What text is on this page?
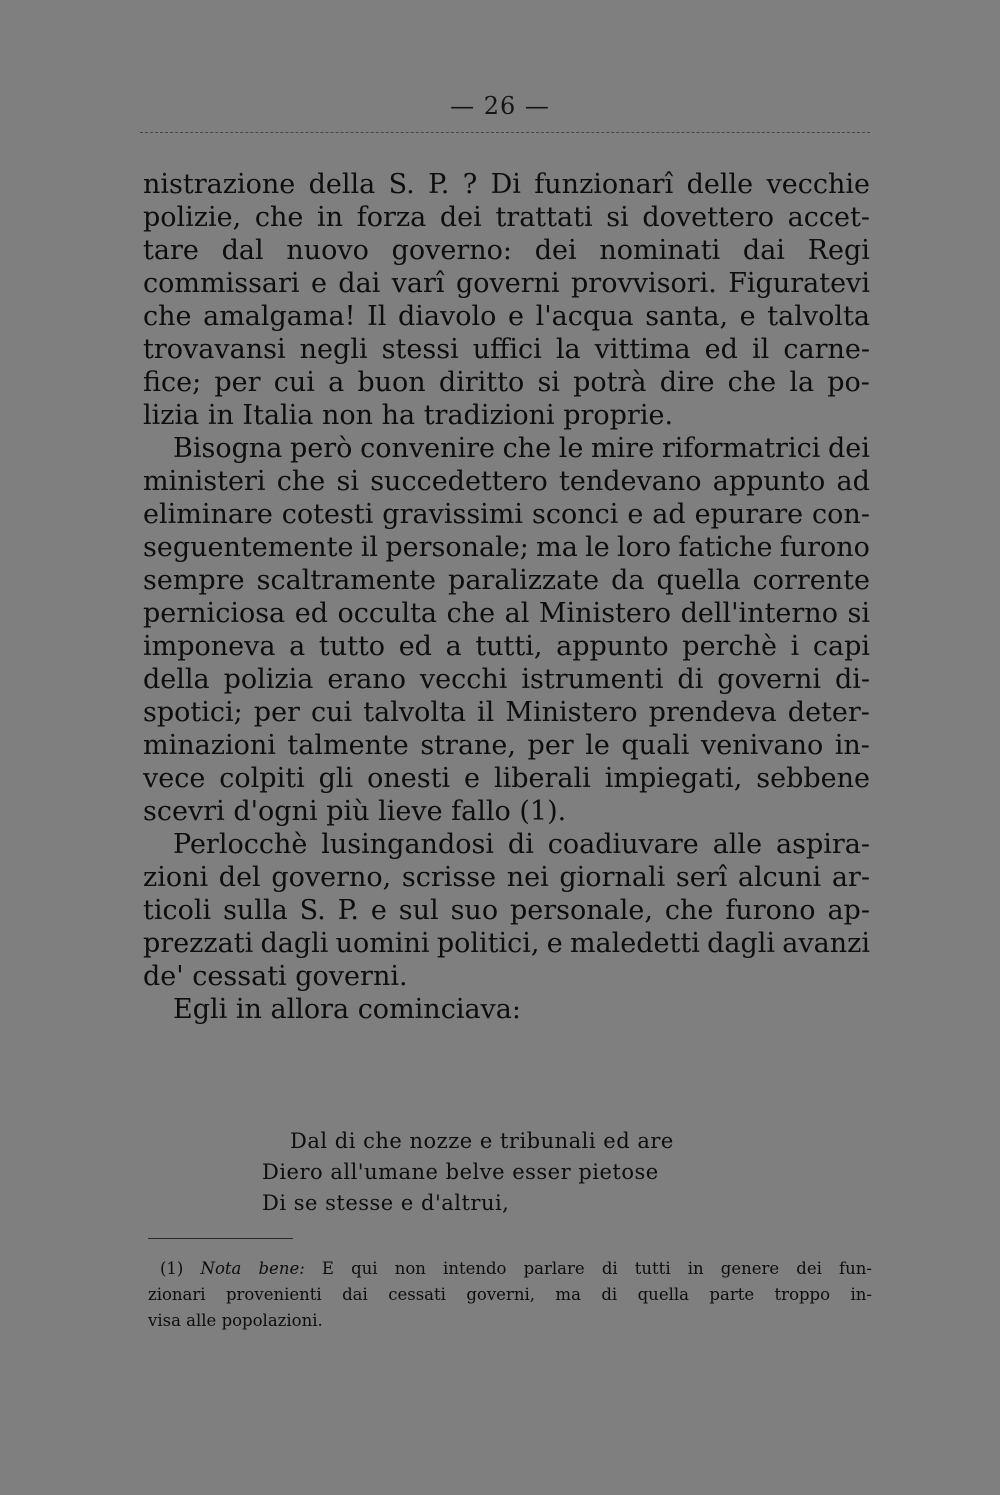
— 26 —
nistrazione della S. P. ? Di funzionarî delle vecchie
polizie, che in forza dei trattati si dovettero accet-
tare dal nuovo governo: dei nominati dai Regi
commissari e dai varî governi provvisori. Figuratevi
che amalgama! Il diavolo e l'acqua santa, e talvolta
trovavansi negli stessi uffici la vittima ed il carne-
fice; per cui a buon diritto si potrà dire che la po-
lizia in Italia non ha tradizioni proprie.
Bisogna però convenire che le mire riformatrici dei
ministeri che si succedettero tendevano appunto ad
eliminare cotesti gravissimi sconci e ad epurare con-
seguentemente il personale; ma le loro fatiche furono
sempre scaltramente paralizzate da quella corrente
perniciosa ed occulta che al Ministero dell'interno si
imponeva a tutto ed a tutti, appunto perchè i capi
della polizia erano vecchi istrumenti di governi di-
spotici; per cui talvolta il Ministero prendeva deter-
minazioni talmente strane, per le quali venivano in-
vece colpiti gli onesti e liberali impiegati, sebbene
scevri d'ogni più lieve fallo (1).
Perlocchè lusingandosi di coadiuvare alle aspira-
zioni del governo, scrisse nei giornali serî alcuni ar-
ticoli sulla S. P. e sul suo personale, che furono ap-
prezzati dagli uomini politici, e maledetti dagli avanzi
de' cessati governi.
Egli in allora cominciava:
Dal di che nozze e tribunali ed are
Diero all'umane belve esser pietose
Di se stesse e d'altrui,
(1) Nota bene: E qui non intendo parlare di tutti in genere dei fun-
zionari provenienti dai cessati governi, ma di quella parte troppo in-
visa alle popolazioni.
